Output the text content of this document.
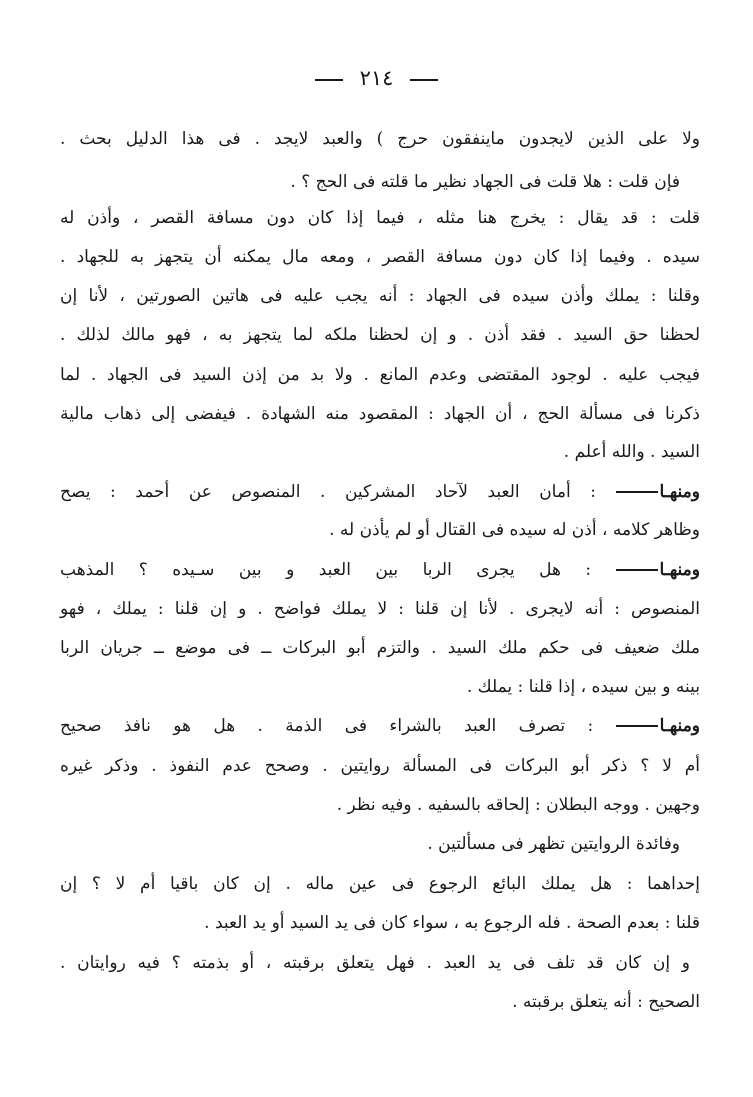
٢١٤
ولا على الذين لايجدون ماينفقون حرج ) والعبد لايجد . فى هذا الدليل بحث .
فإن قلت : هلا قلت فى الجهاد نظير ما قلته فى الحج ؟ .
قلت : قد يقال : يخرج هنا مثله ، فيما إذا كان دون مسافة القصر ، وأذن له
سيده . وفيما إذا كان دون مسافة القصر ، ومعه مال يمكنه أن يتجهز به للجهاد .
وقلنا : يملك وأذن سيده فى الجهاد : أنه يجب عليه فى هاتين الصورتين ، لأنا إن
لحظنا حق السيد . فقد أذن . و إن لحظنا ملكه لما يتجهز به ، فهو مالك لذلك .
فيجب عليه . لوجود المقتضى وعدم المانع . ولا بد من إذن السيد فى الجهاد . لما
ذكرنا فى مسألة الحج ، أن الجهاد : المقصود منه الشهادة . فيفضى إلى ذهاب مالية
السيد . والله أعلم .
ومنهـا : أمان العبد لآحاد المشركين . المنصوص عن أحمد : يصح
وظاهر كلامه ، أذن له سيده فى القتال أو لم يأذن له .
ومنهـا : هل يجرى الربا بين العبد و بين سـيده ؟ المذهب
المنصوص : أنه لايجرى . لأنا إن قلنا : لا يملك فواضح . و إن قلنا : يملك ، فهو
ملك ضعيف فى حكم ملك السيد . والتزم أبو البركات ــ فى موضع ــ جريان الربا
بينه و بين سيده ، إذا قلنا : يملك .
ومنهـا : تصرف العبد بالشراء فى الذمة . هل هو نافذ صحيح
أم لا ؟ ذكر أبو البركات فى المسألة روايتين . وصحح عدم النفوذ . وذكر غيره
وجهين . ووجه البطلان : إلحاقه بالسفيه . وفيه نظر .
وفائدة الروايتين تظهر فى مسألتين .
إحداهما : هل يملك البائع الرجوع فى عين ماله . إن كان باقيا أم لا ؟ إن
قلنا : بعدم الصحة . فله الرجوع به ، سواء كان فى يد السيد أو يد العبد .
و إن كان قد تلف فى يد العبد . فهل يتعلق برقبته ، أو بذمته ؟ فيه روايتان .
الصحيح : أنه يتعلق برقبته .
